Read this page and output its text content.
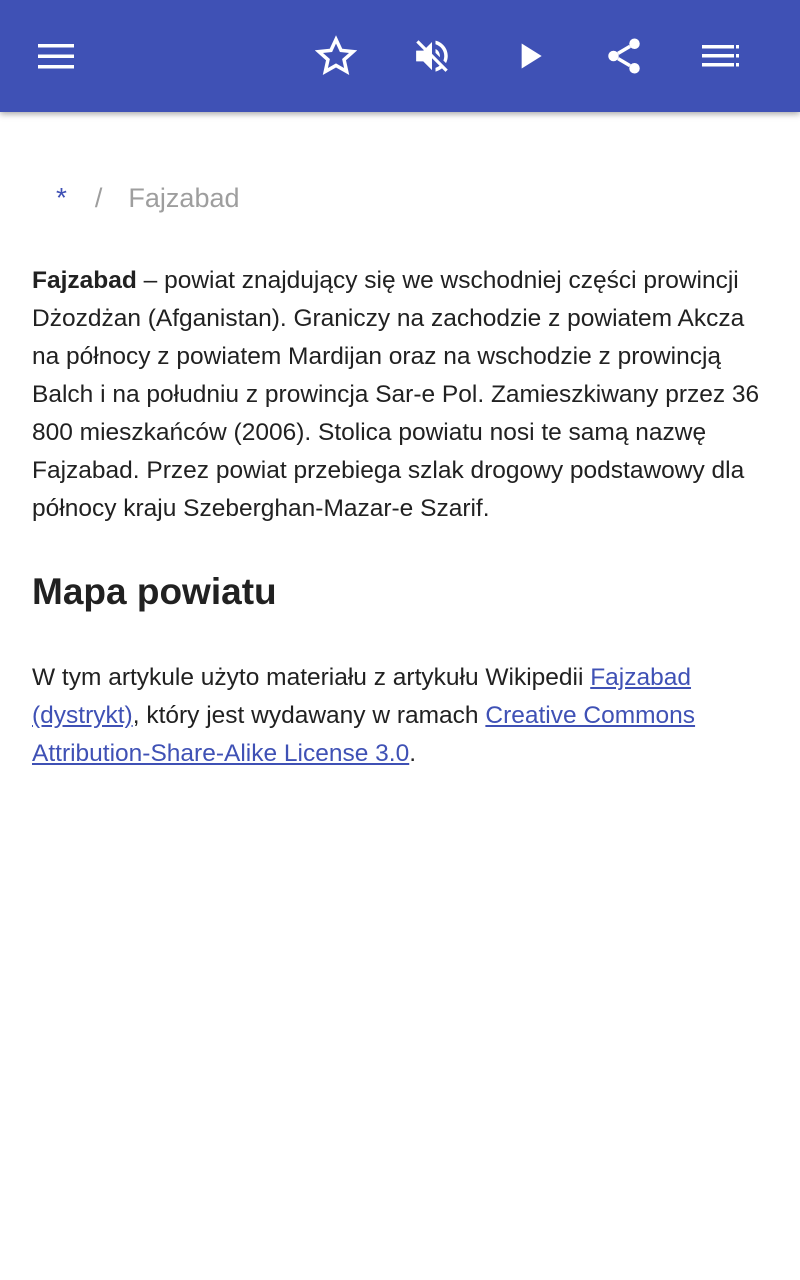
* / Fajzabad

Fajzabad – powiat znajdujący się we wschodniej części prowincji Dżozdżan (Afganistan). Graniczy na zachodzie z powiatem Akcza na północy z powiatem Mardijan oraz na wschodzie z prowincją Balch i na południu z prowincja Sar-e Pol. Zamieszkiwany przez 36 800 mieszkańców (2006). Stolica powiatu nosi te samą nazwę Fajzabad. Przez powiat przebiega szlak drogowy podstawowy dla północy kraju Szeberghan-Mazar-e Szarif.

Mapa powiatu

W tym artykule użyto materiału z artykułu Wikipedii Fajzabad (dystrykt), który jest wydawany w ramach Creative Commons Attribution-Share-Alike License 3.0.
